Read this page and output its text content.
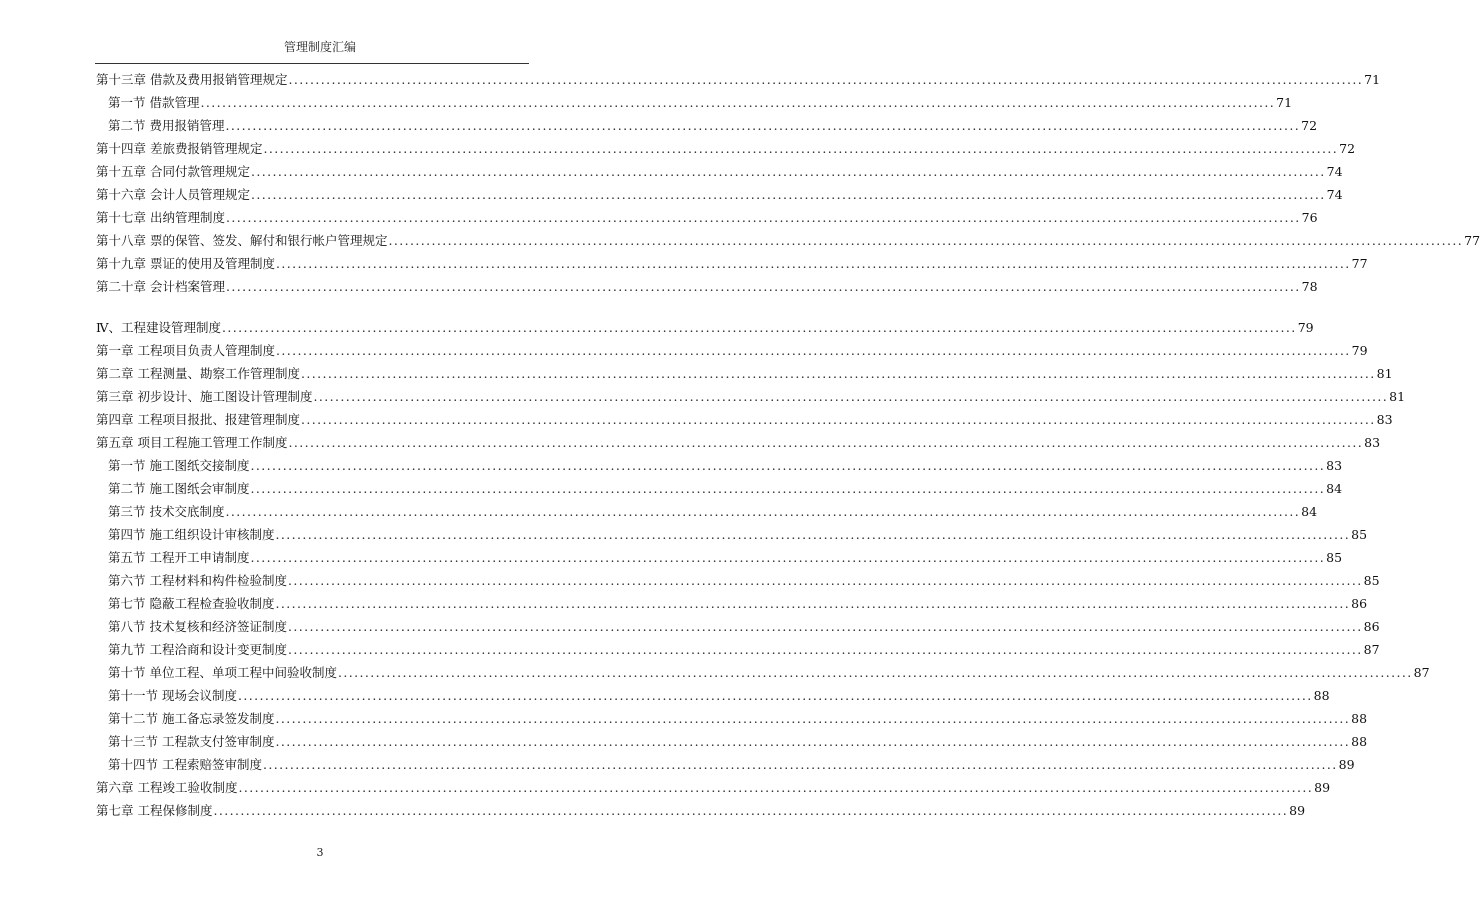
管理制度汇编
第十三章 借款及费用报销管理规定 ........................................................................................................................................................................................................ 71
第一节 借款管理 ........................................................................................................................................................................................................ 71
第二节 费用报销管理 ........................................................................................................................................................................................................ 72
第十四章 差旅费报销管理规定 ........................................................................................................................................................................................................ 72
第十五章 合同付款管理规定 ........................................................................................................................................................................................................ 74
第十六章 会计人员管理规定 ........................................................................................................................................................................................................ 74
第十七章 出纳管理制度 ........................................................................................................................................................................................................ 76
第十八章 票的保管、签发、解付和银行帐户管理规定 ........................................................................................................................................................................................................ 77
第十九章 票证的使用及管理制度 ........................................................................................................................................................................................................ 77
第二十章 会计档案管理 ........................................................................................................................................................................................................ 78
Ⅳ、工程建设管理制度 ........................................................................................................................................................................................................ 79
第一章 工程项目负责人管理制度 ........................................................................................................................................................................................................ 79
第二章 工程测量、勘察工作管理制度 ........................................................................................................................................................................................................ 81
第三章 初步设计、施工图设计管理制度 ........................................................................................................................................................................................................ 81
第四章 工程项目报批、报建管理制度 ........................................................................................................................................................................................................ 83
第五章 项目工程施工管理工作制度 ........................................................................................................................................................................................................ 83
第一节 施工图纸交接制度 ........................................................................................................................................................................................................ 83
第二节 施工图纸会审制度 ........................................................................................................................................................................................................ 84
第三节 技术交底制度 ........................................................................................................................................................................................................ 84
第四节 施工组织设计审核制度 ........................................................................................................................................................................................................ 85
第五节 工程开工申请制度 ........................................................................................................................................................................................................ 85
第六节 工程材料和构件检验制度 ........................................................................................................................................................................................................ 85
第七节 隐蔽工程检查验收制度 ........................................................................................................................................................................................................ 86
第八节 技术复核和经济签证制度 ........................................................................................................................................................................................................ 86
第九节 工程洽商和设计变更制度 ........................................................................................................................................................................................................ 87
第十节 单位工程、单项工程中间验收制度 ........................................................................................................................................................................................................ 87
第十一节 现场会议制度 ........................................................................................................................................................................................................ 88
第十二节 施工备忘录签发制度 ........................................................................................................................................................................................................ 88
第十三节 工程款支付签审制度 ........................................................................................................................................................................................................ 88
第十四节 工程索赔签审制度 ........................................................................................................................................................................................................ 89
第六章 工程竣工验收制度 ........................................................................................................................................................................................................ 89
第七章 工程保修制度 ........................................................................................................................................................................................................ 89
3
